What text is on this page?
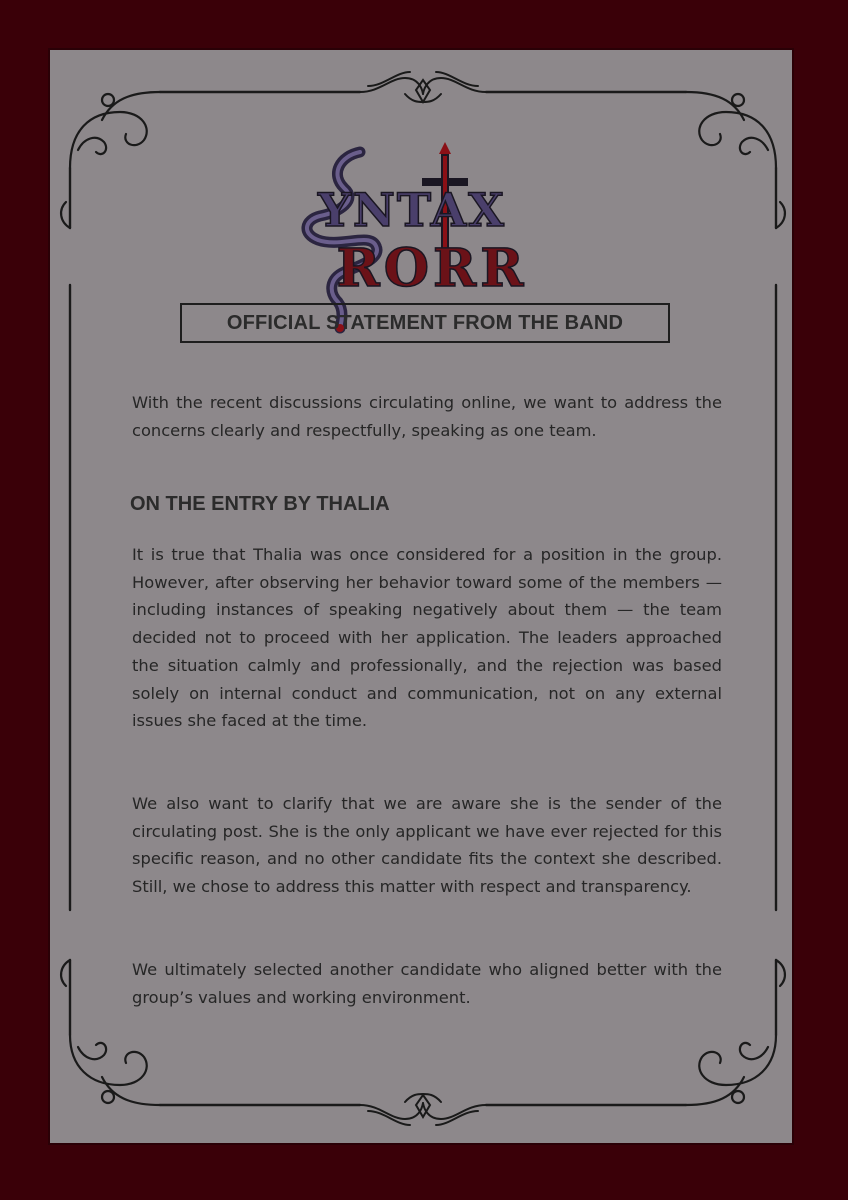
YNTAX
RORR
OFFICIAL STATEMENT FROM THE BAND

With the recent discussions circulating online, we want to address the concerns clearly and respectfully, speaking as one team.

ON THE ENTRY BY THALIA

It is true that Thalia was once considered for a position in the group. However, after observing her behavior toward some of the members —including instances of speaking negatively about them — the team decided not to proceed with her application. The leaders approached the situation calmly and professionally, and the rejection was based solely on internal conduct and communication, not on any external issues she faced at the time.

We also want to clarify that we are aware she is the sender of the circulating post. She is the only applicant we have ever rejected for this specific reason, and no other candidate fits the context she described. Still, we chose to address this matter with respect and transparency.

We ultimately selected another candidate who aligned better with the group’s values and working environment.
